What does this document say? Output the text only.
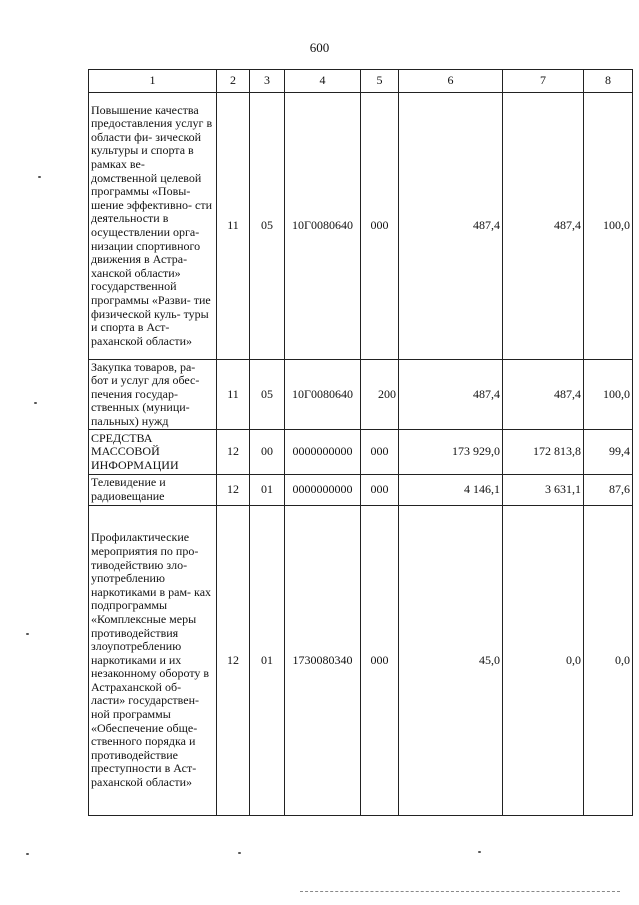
600
1	2	3	4	5	6	7	8
Повышение качества предоставления услуг в области фи- зической культуры и спорта в рамках ве- домственной целевой программы «Повы- шение эффективно- сти деятельности в осуществлении орга- низации спортивного движения в Астра- ханской области» государственной программы «Разви- тие физической куль- туры и спорта в Аст- раханской области»	11	05	10Г0080640	000	487,4	487,4	100,0
Закупка товаров, ра- бот и услуг для обес- печения государ- ственных (муници- пальных) нужд	11	05	10Г0080640	200	487,4	487,4	100,0
СРЕДСТВА МАССОВОЙ ИНФОРМАЦИИ	12	00	0000000000	000	173 929,0	172 813,8	99,4
Телевидение и радиовещание	12	01	0000000000	000	4 146,1	3 631,1	87,6
Профилактические мероприятия по про- тиводействию зло- употреблению наркотиками в рам- ках подпрограммы «Комплексные меры противодействия злоупотреблению наркотиками и их незаконному обороту в Астраханской об- ласти» государствен- ной программы «Обеспечение обще- ственного порядка и противодействие преступности в Аст- раханской области»	12	01	1730080340	000	45,0	0,0	0,0
